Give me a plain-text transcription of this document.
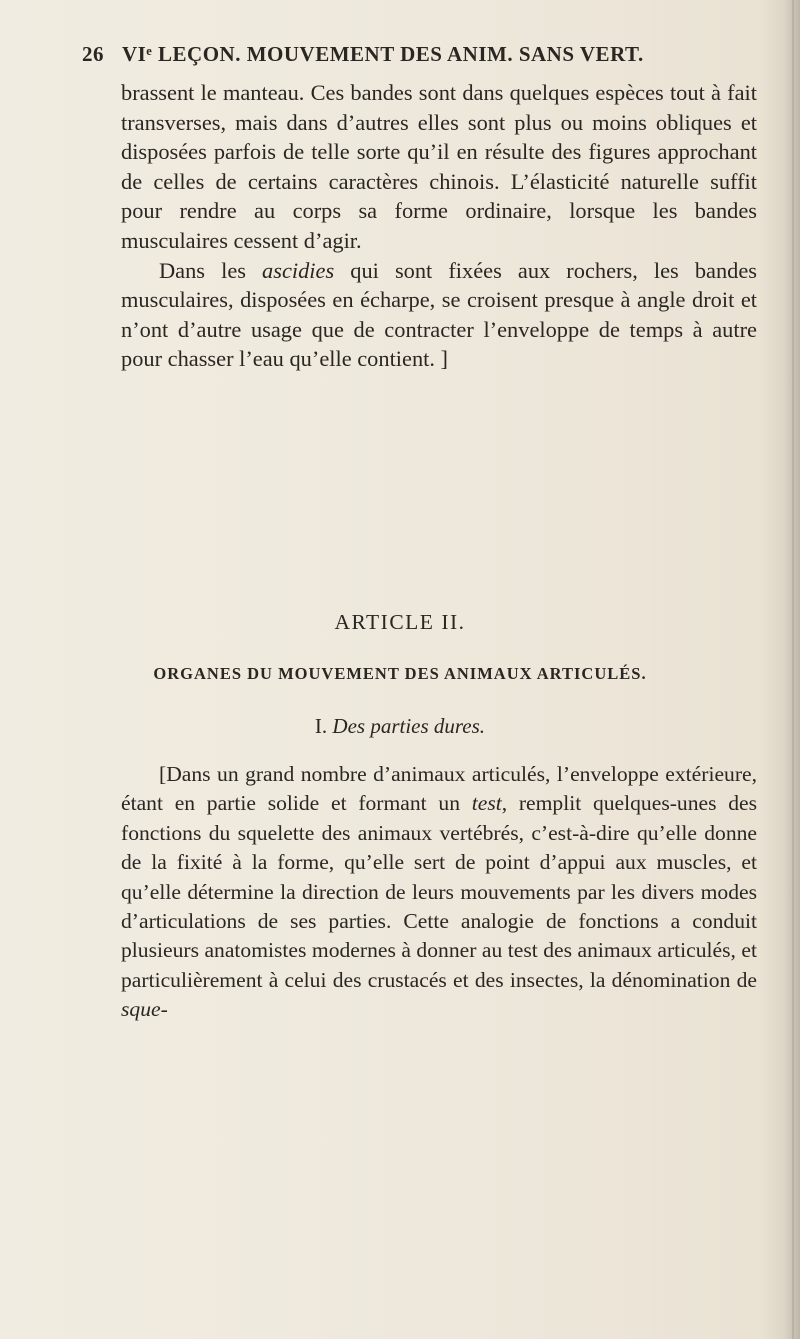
26 VIᵉ LEÇON. MOUVEMENT DES ANIM. SANS VERT.

brassent le manteau. Ces bandes sont dans quelques espèces tout à fait transverses, mais dans d’autres elles sont plus ou moins obliques et disposées parfois de telle sorte qu’il en résulte des figures approchant de celles de certains caractères chinois. L’élasticité naturelle suffit pour rendre au corps sa forme ordinaire, lorsque les bandes musculaires cessent d’agir.

Dans les ascidies qui sont fixées aux rochers, les bandes musculaires, disposées en écharpe, se croisent presque à angle droit et n’ont d’autre usage que de contracter l’enveloppe de temps à autre pour chasser l’eau qu’elle contient. ]

ARTICLE II.
ORGANES DU MOUVEMENT DES ANIMAUX ARTICULÉS.
I. Des parties dures.

[Dans un grand nombre d’animaux articulés, l’enveloppe extérieure, étant en partie solide et formant un test, remplit quelques-unes des fonctions du squelette des animaux vertébrés, c’est-à-dire qu’elle donne de la fixité à la forme, qu’elle sert de point d’appui aux muscles, et qu’elle détermine la direction de leurs mouvements par les divers modes d’articulations de ses parties. Cette analogie de fonctions a conduit plusieurs anatomistes modernes à donner au test des animaux articulés, et particulièrement à celui des crustacés et des insectes, la dénomination de sque-
